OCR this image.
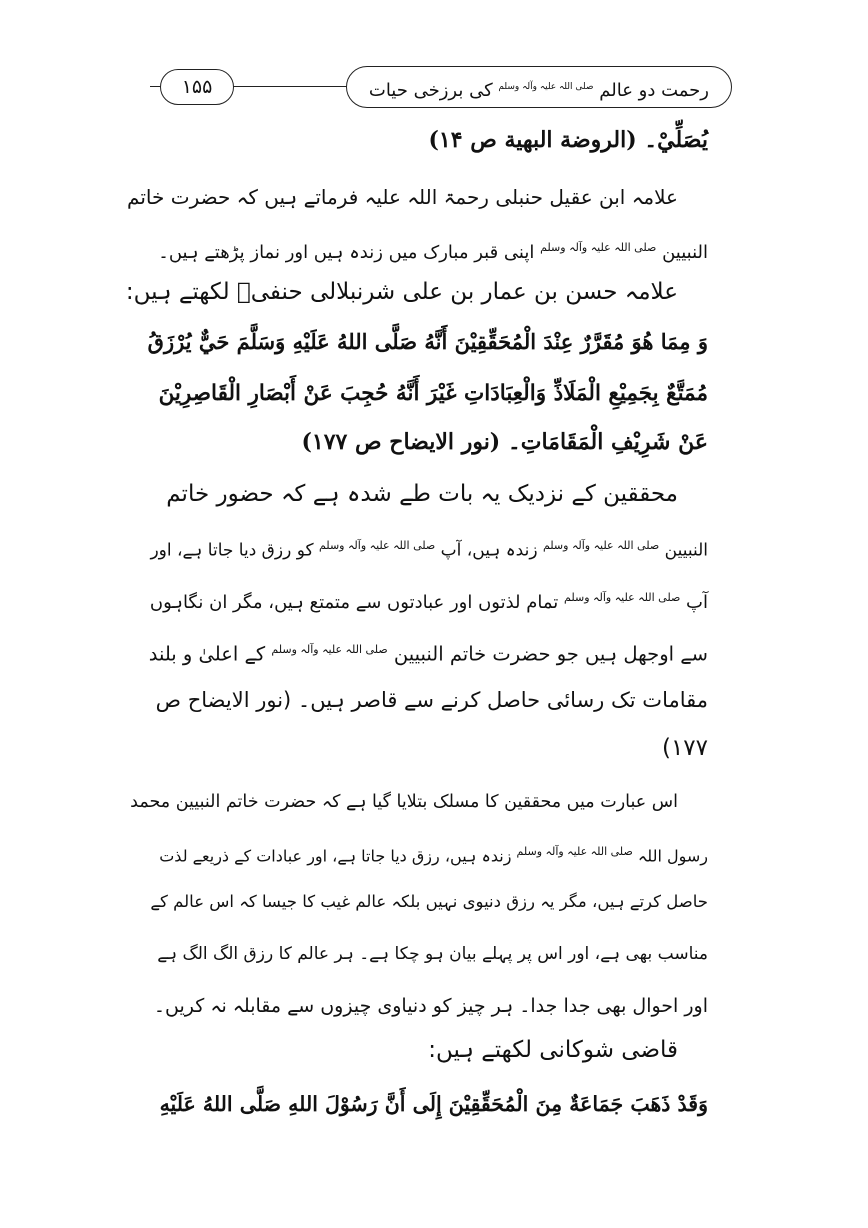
رحمت دو عالم $^{صلی اللہ علیہ وآلہ وسلم}$ کی برزخی حیات
۱۵۵
يُصَلِّيْ۔ (الروضة البهية ص ۱۴)
علامہ ابن عقیل حنبلی رحمۃ اللہ علیہ فرماتے ہیں کہ حضرت خاتم
النبیین $^{صلی اللہ علیہ وآلہ وسلم}$ اپنی قبر مبارک میں زندہ ہیں اور نماز پڑھتے ہیں۔
علامہ حسن بن عمار بن علی شرنبلالی حنفیؒ لکھتے ہیں:
وَ مِمَا هُوَ مُقَرَّرٌ عِنْدَ الْمُحَقِّقِيْنَ أَنَّهُ صَلَّى اللهُ عَلَيْهِ وَسَلَّمَ حَيٌّ يُرْزَقُ
مُمَتَّعٌ بِجَمِيْعِ الْمَلَاذِّ وَالْعِبَادَاتِ غَيْرَ أَنَّهُ حُجِبَ عَنْ أَبْصَارِ الْقَاصِرِيْنَ
عَنْ شَرِيْفِ الْمَقَامَاتِ۔ (نور الایضاح ص ۱۷۷)
محققین کے نزدیک یہ بات طے شدہ ہے کہ حضور خاتم
النبیین $^{صلی اللہ علیہ وآلہ وسلم}$ زندہ ہیں، آپ $^{صلی اللہ علیہ وآلہ وسلم}$ کو رزق دیا جاتا ہے، اور
آپ $^{صلی اللہ علیہ وآلہ وسلم}$ تمام لذتوں اور عبادتوں سے متمتع ہیں، مگر ان نگاہوں
سے اوجھل ہیں جو حضرت خاتم النبیین $^{صلی اللہ علیہ وآلہ وسلم}$ کے اعلیٰ و بلند
مقامات تک رسائی حاصل کرنے سے قاصر ہیں۔ (نور الایضاح ص
۱۷۷)
اس عبارت میں محققین کا مسلک بتلایا گیا ہے کہ حضرت خاتم النبیین محمد
رسول اللہ $^{صلی اللہ علیہ وآلہ وسلم}$ زندہ ہیں، رزق دیا جاتا ہے، اور عبادات کے ذریعے لذت
حاصل کرتے ہیں، مگر یہ رزق دنیوی نہیں بلکہ عالم غیب کا جیسا کہ اس عالم کے
مناسب بھی ہے، اور اس پر پہلے بیان ہو چکا ہے۔ ہر عالم کا رزق الگ الگ ہے
اور احوال بھی جدا جدا۔ ہر چیز کو دنیاوی چیزوں سے مقابلہ نہ کریں۔
قاضی شوکانی لکھتے ہیں:
وَقَدْ ذَهَبَ جَمَاعَةٌ مِنَ الْمُحَقِّقِيْنَ إِلَى أَنَّ رَسُوْلَ اللهِ صَلَّى اللهُ عَلَيْهِ
